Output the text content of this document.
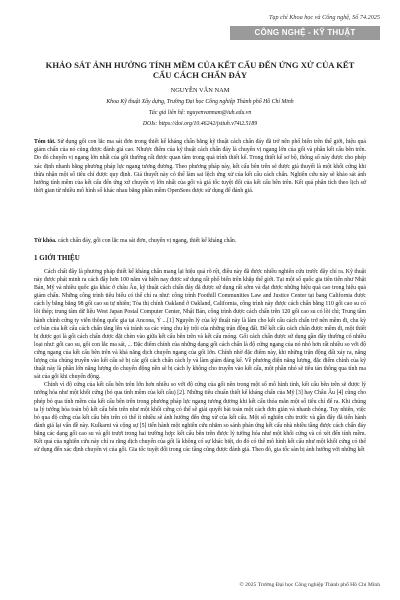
Tạp chí Khoa học và Công nghệ, Số 74.2025
CÔNG NGHỆ - KỸ THUẬT
KHẢO SÁT ẢNH HƯỞNG TÍNH MỀM CỦA KẾT CẤU ĐẾN ỨNG XỬ CỦA KẾT CẤU CÁCH CHẤN ĐÁY
NGUYỄN VĂN NAM
Khoa Kỹ thuật Xây dựng, Trường Đại học Công nghiệp Thành phố Hồ Chí Minh
Tác giả liên hệ: nguyenvannam@iuh.edu.vn
DOIs: https://doi.org/10.46242/jstiuh.v74i2.5189
Tóm tắt. Sử dụng gối con lắc ma sát đơn trong thiết kế kháng chấn bằng kỹ thuật cách chấn đáy đã trở nên phổ biến trên thế giới, hiệu quả giảm chấn của nó cũng được đánh giá cao. Nhược điểm của kỹ thuật cách chấn đáy là chuyển vị ngang lớn của gối và phần kết cấu bên trên. Do đó chuyển vị ngang lớn nhất của gối thường rất được quan tâm trong quá trình thiết kế. Trong thiết kế sơ bộ, thông số này được cho phép xác định nhanh bằng phương pháp lực ngang tương đương. Theo phương pháp này, kết cấu bên trên sẽ được giả thuyết là một khối cứng khi thừa nhận một số tiêu chí được quy định. Giả thuyết này có thể làm sai lệch ứng xử của kết cấu cách chấn. Nghiên cứu này sẽ khảo sát ảnh hưởng tính mềm của kết cấu đến ứng xử chuyển vị lớn nhất của gối và giá tốc tuyệt đối của kết cấu bên trên. Kết quả phân tích theo lịch sử thời gian từ nhiều mô hình số khác nhau bằng phần mềm OpenSees được sử dụng để đánh giá.
Từ khóa. cách chấn đáy, gối con lắc ma sát đơn, chuyển vị ngang, thiết kế kháng chấn.
1 GIỚI THIỆU

Cách chất đây là phương pháp thiết kế kháng chấn mang lại hiệu quả rõ rệt, điều này đã được nhiều nghiên cứu trước đây chỉ ra. Kỹ thuật này được phát minh ra cách đây hơn 100 năm và hiện nay được sử dụng rất phổ biến trên khắp thế giới. Tại một số quốc gia tiên tiến như Nhật Bản, Mỹ và nhiều quốc gia khác ở châu Âu, kỹ thuật cách chấn đáy đã được sử dụng rất sớm và đạt được những hiệu quả cao trong hiệu quả giảm chấn. Những công trình tiêu biểu có thể chỉ ra như: công trình Foothill Communities Law and Justice Center tại bang California được cách ly bằng bằng 98 gối cao su tự nhiên; Tòa thị chính Oakland ở Oakland, California, công trình này được cách chấn bằng 110 gối cao su có lõi thép; trung tâm dữ liệu West Japan Postal Computer Center, Nhật Bản, công trình được cách chấn trên 120 gối cao su có lõi chì; Trung tâm hành chính cứng ty viễn thông quốc gia tại Ancona, Ý ...[1] Nguyên lý của kỹ thuật này là làm cho kết cấu cách chấn trở nên mềm đi, chu kỳ cơ bản của kết cấu cách chấn tăng lên và tránh xa các vùng chu kỳ trội của những trận động đất. Để kết cấu cách chấn được mềm đi, một thiết bị được gọi là gối cách chấn được đặt chèn vào giữa kết cấu bên trên và kết cấu móng. Gối cách chấn được sử dụng gần đây thường có nhiều loại như: gối cao su, gối con lắc ma sát, ... Đặc điểm chính của những dạng gối cách chấn là độ cứng ngang của nó nhỏ hơn rất nhiều so với độ cứng ngang của kết cấu bên trên và khả năng dịch chuyển ngang của gối lớn. Chính nhờ đặc điểm này, khi những trận động đất xảy ra, năng lượng của chúng truyền vào kết cấu sẽ bị các gối cách chấn cách ly và làm giảm đáng kể. Về phương diện năng lượng, đặc điểm chính của kỹ thuật này là phần lớn năng lượng do chuyển động nền sẽ bị cách ly không cho truyền vào kết cấu, một phần nhỏ sẽ tiêu tán thông qua tính ma sát của gối khi chuyển động.

Chính vì độ cứng của kết cấu bên trên lớn hơn nhiều so với độ cứng của gối nên trong một số mô hình tính, kết cấu bên trên sẽ được lý tưởng hóa như một khối cứng (bỏ qua tính mềm của kết cấu) [2]. Những tiêu chuẩn thiết kế kháng chấn của Mỹ [3] hay Châu Âu [4] cũng cho phép bỏ qua tính mềm của kết cấu bên trên trong phương pháp lực ngang tương đương khi kết cấu thỏa mãn một số tiêu chí để ra. Khi chúng ta lý tưởng hóa toàn bộ kết cấu bên trên như một khối cứng có thể sẽ giải quyết bài toán một cách đơn giản và nhanh chóng. Tuy nhiên, việc bỏ qua độ cứng của kết cấu bên trên có thể ít nhiều sẽ ảnh hưởng đến ứng xử của kết cấu. Một số nghiên cứu trước và gần đây đã tiến hành đánh giá lại vấn đề này. Kulkarni và cộng sự [5] tiến hành một nghiên cứu nhằm so sánh phản ứng kết cấu nhà nhiều tầng được cách chấn đáy bằng các dạng gối cao su và gối trượt trong hai trường hợp: kết cấu bên trên được lý tưởng hóa như một khối cứng và có xét đến tính mềm. Kết quả của nghiên cứu này chỉ ra rằng dịch chuyển của gối là không có sự khác biệt, do đó có thể mô hình kết cấu như một khối cứng có thể sử dụng đến xác định chuyển vị của gối. Gia tốc tuyệt đối trong các tầng cũng được đánh giá. Theo đó, gia tốc sàn bị ảnh hưởng với những kết

© 2025 Trường Đại học Công nghiệp Thành phố Hồ Chí Minh
